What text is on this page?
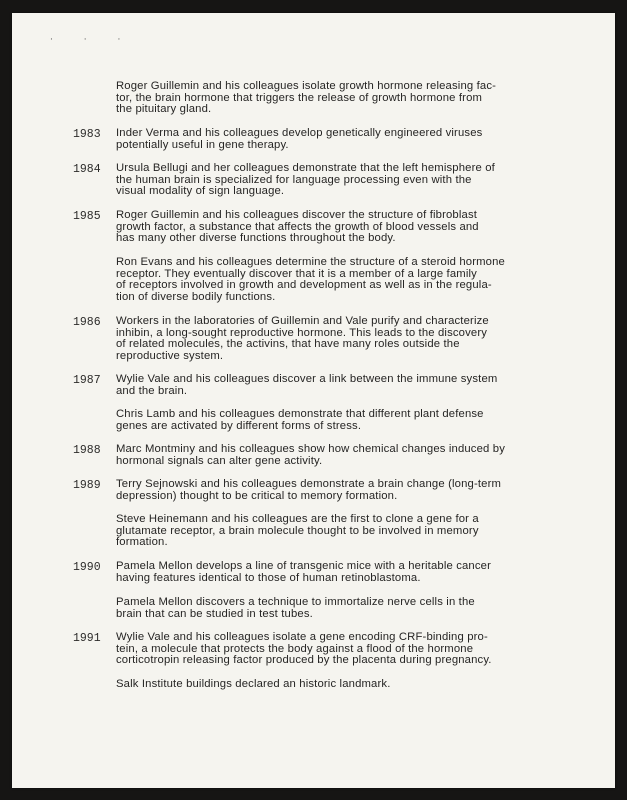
· · ·
Roger Guillemin and his colleagues isolate growth hormone releasing fac-
tor, the brain hormone that triggers the release of growth hormone from
the pituitary gland.
1983 Inder Verma and his colleagues develop genetically engineered viruses
potentially useful in gene therapy.
1984 Ursula Bellugi and her colleagues demonstrate that the left hemisphere of
the human brain is specialized for language processing even with the
visual modality of sign language.
1985 Roger Guillemin and his colleagues discover the structure of fibroblast
growth factor, a substance that affects the growth of blood vessels and
has many other diverse functions throughout the body.
Ron Evans and his colleagues determine the structure of a steroid hormone
receptor. They eventually discover that it is a member of a large family
of receptors involved in growth and development as well as in the regula-
tion of diverse bodily functions.
1986 Workers in the laboratories of Guillemin and Vale purify and characterize
inhibin, a long-sought reproductive hormone. This leads to the discovery
of related molecules, the activins, that have many roles outside the
reproductive system.
1987 Wylie Vale and his colleagues discover a link between the immune system
and the brain.
Chris Lamb and his colleagues demonstrate that different plant defense
genes are activated by different forms of stress.
1988 Marc Montminy and his colleagues show how chemical changes induced by
hormonal signals can alter gene activity.
1989 Terry Sejnowski and his colleagues demonstrate a brain change (long-term
depression) thought to be critical to memory formation.
Steve Heinemann and his colleagues are the first to clone a gene for a
glutamate receptor, a brain molecule thought to be involved in memory
formation.
1990 Pamela Mellon develops a line of transgenic mice with a heritable cancer
having features identical to those of human retinoblastoma.
Pamela Mellon discovers a technique to immortalize nerve cells in the
brain that can be studied in test tubes.
1991 Wylie Vale and his colleagues isolate a gene encoding CRF-binding pro-
tein, a molecule that protects the body against a flood of the hormone
corticotropin releasing factor produced by the placenta during pregnancy.
Salk Institute buildings declared an historic landmark.
